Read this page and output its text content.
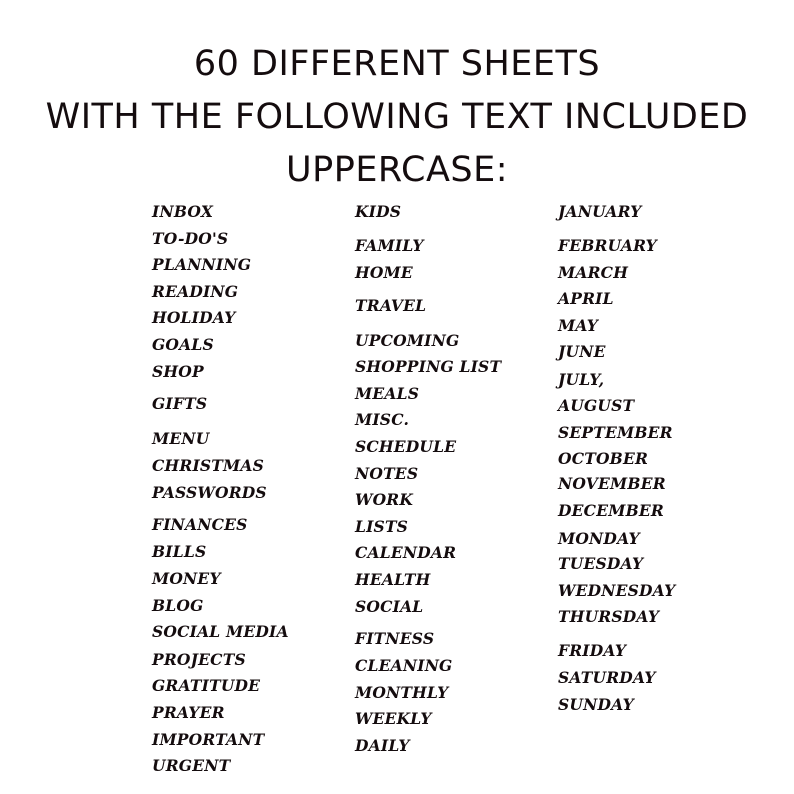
60 DIFFERENT SHEETS
WITH THE FOLLOWING TEXT INCLUDED
UPPERCASE:
INBOX
TO-DO'S
PLANNING
READING
HOLIDAY
GOALS
SHOP
GIFTS
MENU
CHRISTMAS
PASSWORDS
FINANCES
BILLS
MONEY
BLOG
SOCIAL MEDIA
PROJECTS
GRATITUDE
PRAYER
IMPORTANT
URGENT
KIDS
FAMILY
HOME
TRAVEL
UPCOMING
SHOPPING LIST
MEALS
MISC.
SCHEDULE
NOTES
WORK
LISTS
CALENDAR
HEALTH
SOCIAL
FITNESS
CLEANING
MONTHLY
WEEKLY
DAILY
JANUARY
FEBRUARY
MARCH
APRIL
MAY
JUNE
JULY,
AUGUST
SEPTEMBER
OCTOBER
NOVEMBER
DECEMBER
MONDAY
TUESDAY
WEDNESDAY
THURSDAY
FRIDAY
SATURDAY
SUNDAY
